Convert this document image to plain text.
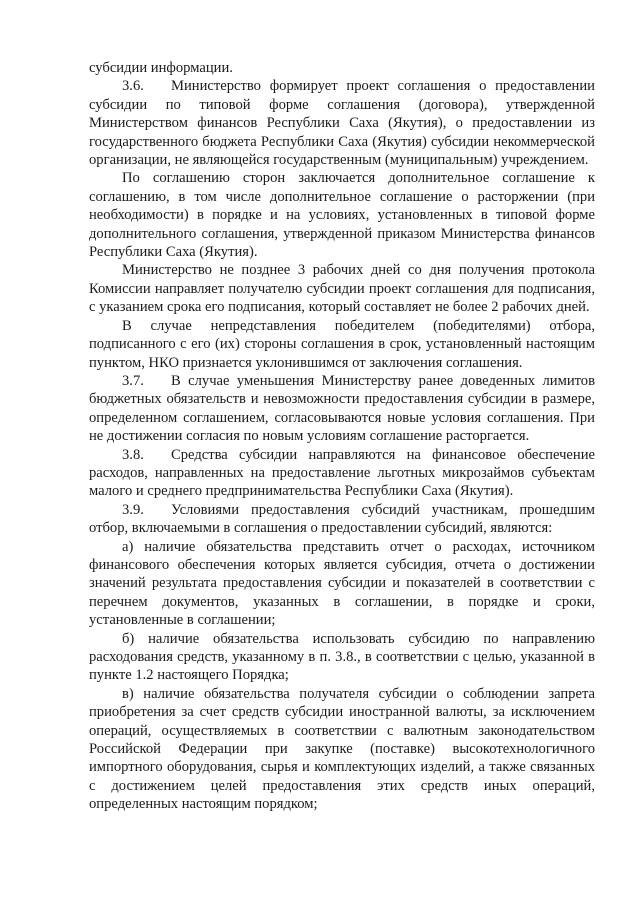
субсидии информации.

3.6. Министерство формирует проект соглашения о предоставлении субсидии по типовой форме соглашения (договора), утвержденной Министерством финансов Республики Саха (Якутия), о предоставлении из государственного бюджета Республики Саха (Якутия) субсидии некоммерческой организации, не являющейся государственным (муниципальным) учреждением.

По соглашению сторон заключается дополнительное соглашение к соглашению, в том числе дополнительное соглашение о расторжении (при необходимости) в порядке и на условиях, установленных в типовой форме дополнительного соглашения, утвержденной приказом Министерства финансов Республики Саха (Якутия).

Министерство не позднее 3 рабочих дней со дня получения протокола Комиссии направляет получателю субсидии проект соглашения для подписания, с указанием срока его подписания, который составляет не более 2 рабочих дней.

В случае непредставления победителем (победителями) отбора, подписанного с его (их) стороны соглашения в срок, установленный настоящим пунктом, НКО признается уклонившимся от заключения соглашения.

3.7. В случае уменьшения Министерству ранее доведенных лимитов бюджетных обязательств и невозможности предоставления субсидии в размере, определенном соглашением, согласовываются новые условия соглашения. При не достижении согласия по новым условиям соглашение расторгается.

3.8. Средства субсидии направляются на финансовое обеспечение расходов, направленных на предоставление льготных микрозаймов субъектам малого и среднего предпринимательства Республики Саха (Якутия).

3.9. Условиями предоставления субсидий участникам, прошедшим отбор, включаемыми в соглашения о предоставлении субсидий, являются:

а) наличие обязательства представить отчет о расходах, источником финансового обеспечения которых является субсидия, отчета о достижении значений результата предоставления субсидии и показателей в соответствии с перечнем документов, указанных в соглашении, в порядке и сроки, установленные в соглашении;

б) наличие обязательства использовать субсидию по направлению расходования средств, указанному в п. 3.8., в соответствии с целью, указанной в пункте 1.2 настоящего Порядка;

в) наличие обязательства получателя субсидии о соблюдении запрета приобретения за счет средств субсидии иностранной валюты, за исключением операций, осуществляемых в соответствии с валютным законодательством Российской Федерации при закупке (поставке) высокотехнологичного импортного оборудования, сырья и комплектующих изделий, а также связанных с достижением целей предоставления этих средств иных операций, определенных настоящим порядком;
